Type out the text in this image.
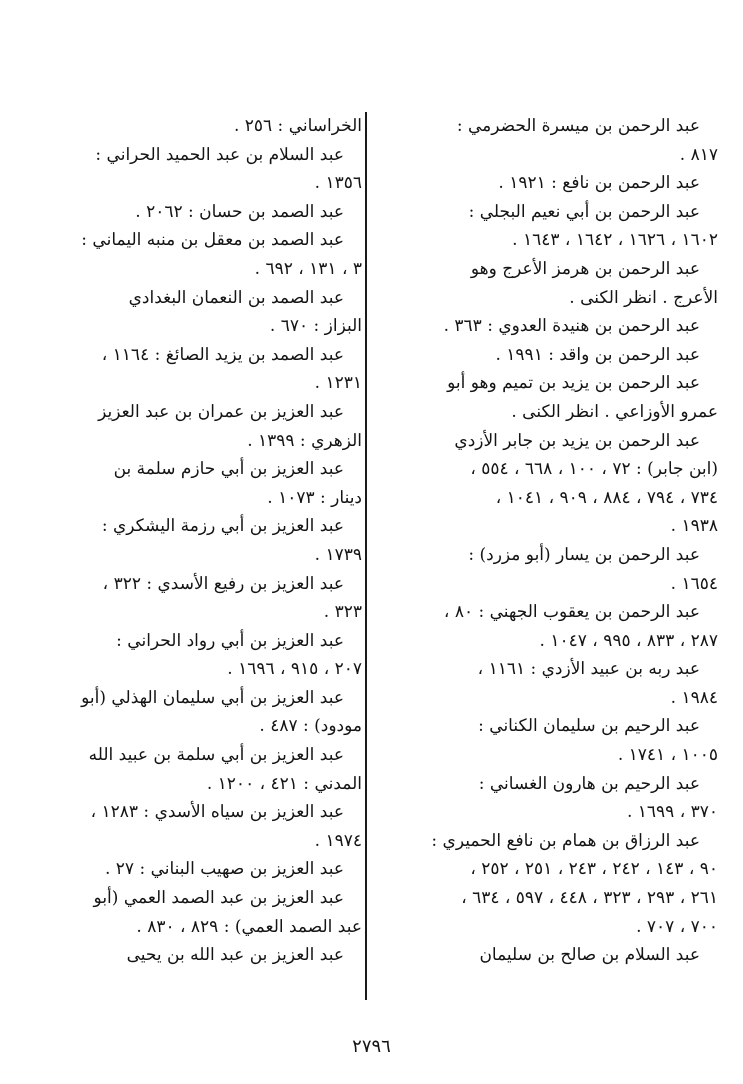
عبد الرحمن بن ميسرة الحضرمي :
٨١٧ .
عبد الرحمن بن نافع : ١٩٢١ .
عبد الرحمن بن أبي نعيم البجلي :
١٦٠٢ ، ١٦٢٦ ، ١٦٤٢ ، ١٦٤٣ .
عبد الرحمن بن هرمز الأعرج وهو
الأعرج . انظر الكنى .
عبد الرحمن بن هنيدة العدوي : ٣٦٣ .
عبد الرحمن بن واقد : ١٩٩١ .
عبد الرحمن بن يزيد بن تميم وهو أبو
عمرو الأوزاعي . انظر الكنى .
عبد الرحمن بن يزيد بن جابر الأزدي
(ابن جابر) : ٧٢ ، ١٠٠ ، ٦٦٨ ، ٥٥٤ ،
٧٣٤ ، ٧٩٤ ، ٨٨٤ ، ٩٠٩ ، ١٠٤١ ،
١٩٣٨ .
عبد الرحمن بن يسار (أبو مزرد) :
١٦٥٤ .
عبد الرحمن بن يعقوب الجهني : ٨٠ ،
٢٨٧ ، ٨٣٣ ، ٩٩٥ ، ١٠٤٧ .
عبد ربه بن عبيد الأزدي : ١١٦١ ،
١٩٨٤ .
عبد الرحيم بن سليمان الكناني :
١٠٠٥ ، ١٧٤١ .
عبد الرحيم بن هارون الغساني :
٣٧٠ ، ١٦٩٩ .
عبد الرزاق بن همام بن نافع الحميري :
٩٠ ، ١٤٣ ، ٢٤٢ ، ٢٤٣ ، ٢٥١ ، ٢٥٢ ،
٢٦١ ، ٢٩٣ ، ٣٢٣ ، ٤٤٨ ، ٥٩٧ ، ٦٣٤ ،
٧٠٠ ، ٧٠٧ .
عبد السلام بن صالح بن سليمان
الخراساني : ٢٥٦ .
عبد السلام بن عبد الحميد الحراني :
١٣٥٦ .
عبد الصمد بن حسان : ٢٠٦٢ .
عبد الصمد بن معقل بن منبه اليماني :
٣ ، ١٣١ ، ٦٩٢ .
عبد الصمد بن النعمان البغدادي
البزاز : ٦٧٠ .
عبد الصمد بن يزيد الصائغ : ١١٦٤ ،
١٢٣١ .
عبد العزيز بن عمران بن عبد العزيز
الزهري : ١٣٩٩ .
عبد العزيز بن أبي حازم سلمة بن
دينار : ١٠٧٣ .
عبد العزيز بن أبي رزمة اليشكري :
١٧٣٩ .
عبد العزيز بن رفيع الأسدي : ٣٢٢ ،
٣٢٣ .
عبد العزيز بن أبي رواد الحراني :
٢٠٧ ، ٩١٥ ، ١٦٩٦ .
عبد العزيز بن أبي سليمان الهذلي (أبو
مودود) : ٤٨٧ .
عبد العزيز بن أبي سلمة بن عبيد الله
المدني : ٤٢١ ، ١٢٠٠ .
عبد العزيز بن سياه الأسدي : ١٢٨٣ ،
١٩٧٤ .
عبد العزيز بن صهيب البناني : ٢٧ .
عبد العزيز بن عبد الصمد العمي (أبو
عبد الصمد العمي) : ٨٢٩ ، ٨٣٠ .
عبد العزيز بن عبد الله بن يحيى
٢٧٩٦
